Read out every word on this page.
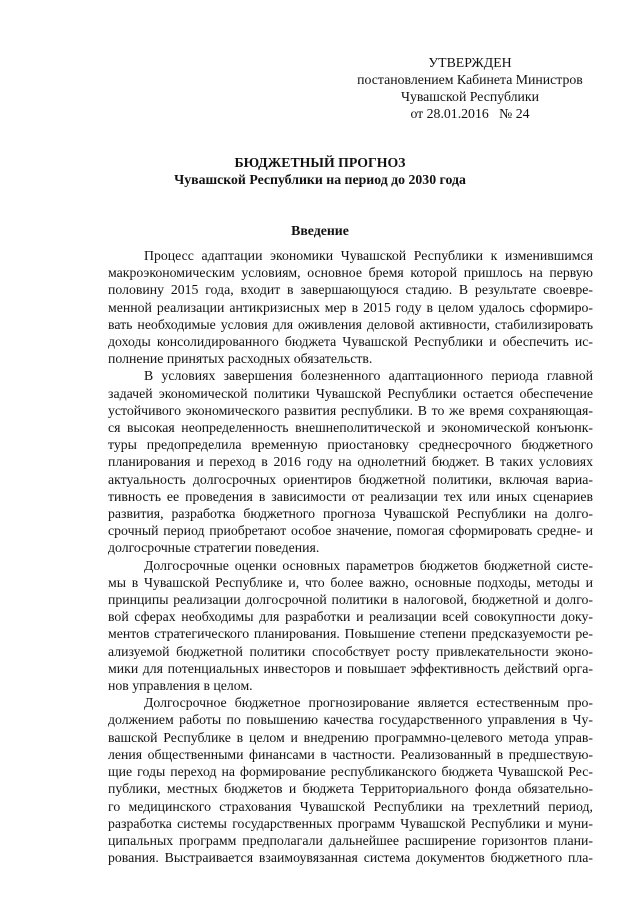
УТВЕРЖДЕН
постановлением Кабинета Министров
Чувашской Республики
от 28.01.2016   № 24
БЮДЖЕТНЫЙ ПРОГНОЗ
Чувашской Республики на период до 2030 года
Введение
Процесс адаптации экономики Чувашской Республики к изменившимся
макроэкономическим условиям, основное бремя которой пришлось на первую
половину 2015 года, входит в завершающуюся стадию. В результате своевре-
менной реализации антикризисных мер в 2015 году в целом удалось сформиро-
вать необходимые условия для оживления деловой активности, стабилизировать
доходы консолидированного бюджета Чувашской Республики и обеспечить ис-
полнение принятых расходных обязательств.
В условиях завершения болезненного адаптационного периода главной
задачей экономической политики Чувашской Республики остается обеспечение
устойчивого экономического развития республики. В то же время сохраняющая-
ся высокая неопределенность внешнеполитической и экономической конъюнк-
туры предопределила временную приостановку среднесрочного бюджетного
планирования и переход в 2016 году на однолетний бюджет. В таких условиях
актуальность долгосрочных ориентиров бюджетной политики, включая вариа-
тивность ее проведения в зависимости от реализации тех или иных сценариев
развития, разработка бюджетного прогноза Чувашской Республики на долго-
срочный период приобретают особое значение, помогая сформировать средне- и
долгосрочные стратегии поведения.
Долгосрочные оценки основных параметров бюджетов бюджетной систе-
мы в Чувашской Республике и, что более важно, основные подходы, методы и
принципы реализации долгосрочной политики в налоговой, бюджетной и долго-
вой сферах необходимы для разработки и реализации всей совокупности доку-
ментов стратегического планирования. Повышение степени предсказуемости ре-
ализуемой бюджетной политики способствует росту привлекательности эконо-
мики для потенциальных инвесторов и повышает эффективность действий орга-
нов управления в целом.
Долгосрочное бюджетное прогнозирование является естественным про-
должением работы по повышению качества государственного управления в Чу-
вашской Республике в целом и внедрению программно-целевого метода управ-
ления общественными финансами в частности. Реализованный в предшествую-
щие годы переход на формирование республиканского бюджета Чувашской Рес-
публики, местных бюджетов и бюджета Территориального фонда обязательно-
го медицинского страхования Чувашской Республики на трехлетний период,
разработка системы государственных программ Чувашской Республики и муни-
ципальных программ предполагали дальнейшее расширение горизонтов плани-
рования. Выстраивается взаимоувязанная система документов бюджетного пла-
